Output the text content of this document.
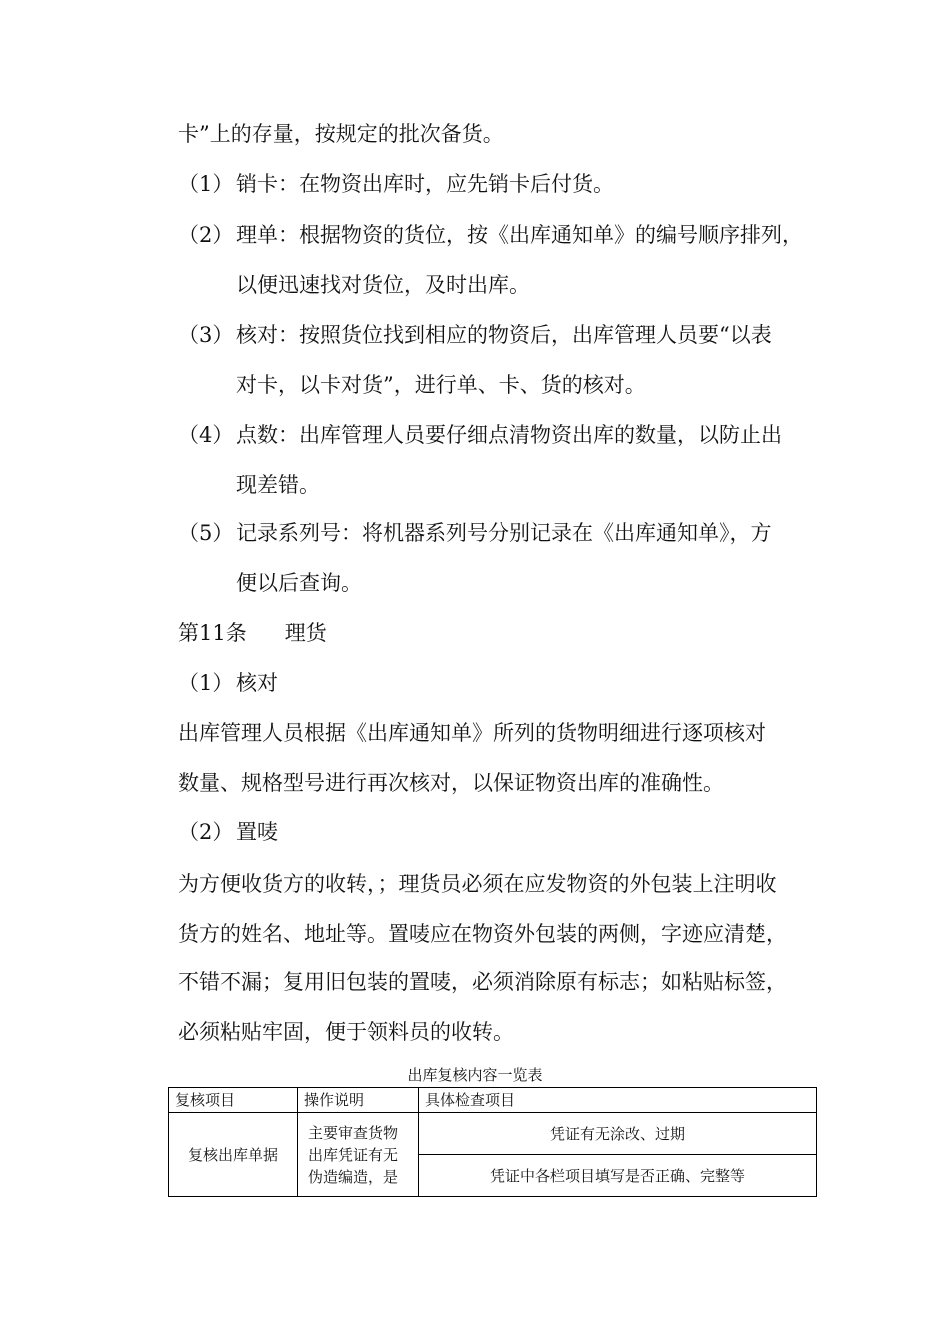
卡”上的存量，按规定的批次备货。
（1） 销卡：在物资出库时，应先销卡后付货。
（2） 理单：根据物资的货位，按《出库通知单》的编号顺序排列，
以便迅速找对货位，及时出库。
（3） 核对：按照货位找到相应的物资后，出库管理人员要“以表
对卡，以卡对货”，进行单、卡、货的核对。
（4） 点数：出库管理人员要仔细点清物资出库的数量，以防止出
现差错。
（5） 记录系列号：将机器系列号分别记录在《出库通知单》，方
便以后查询。
第11条 理货
（1） 核对
出库管理人员根据《出库通知单》所列的货物明细进行逐项核对
数量、规格型号进行再次核对，以保证物资出库的准确性。
（2） 置唛
为方便收货方的收转，；理货员必须在应发物资的外包装上注明收
货方的姓名、地址等。置唛应在物资外包装的两侧，字迹应清楚，
不错不漏；复用旧包装的置唛，必须消除原有标志；如粘贴标签，
必须粘贴牢固，便于领料员的收转。
出库复核内容一览表
复核项目	操作说明	具体检查项目
复核出库单据	主要审查货物出库凭证有无伪造编造，是	凭证有无涂改、过期
		凭证中各栏项目填写是否正确、完整等
